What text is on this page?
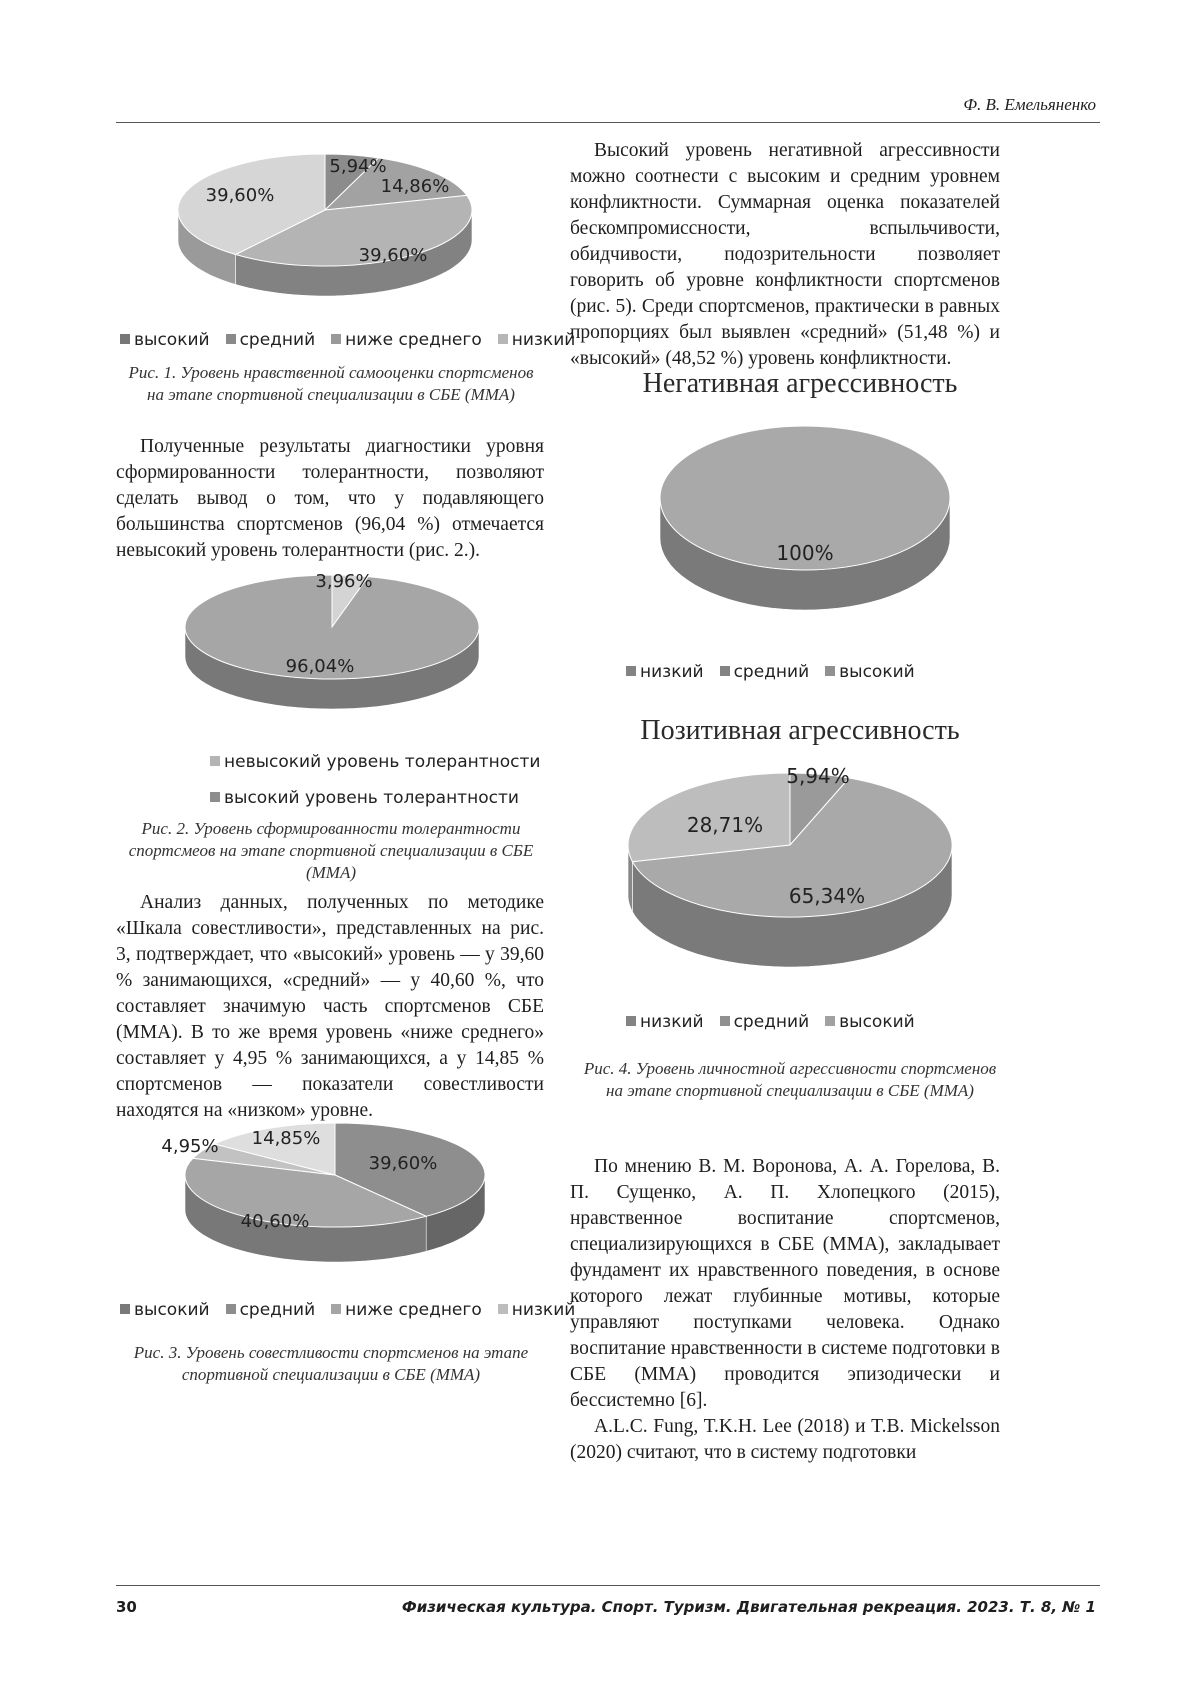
Ф. В. Емельяненко
5,94%
14,86%
39,60%
39,60%
высокий средний ниже среднего низкий
Рис. 1. Уровень нравственной самооценки спортсменов на этапе спортивной специализации в СБЕ (ММА)

Полученные результаты диагностики уровня сформированности толерантности, позволяют сделать вывод о том, что у подавляющего большинства спортсменов (96,04 %) отмечается невысокий уровень толерантности (рис. 2.).

3,96%
96,04%
невысокий уровень толерантности
высокий уровень толерантности

Рис. 2. Уровень сформированности толерантности спортсмеов на этапе спортивной специализации в СБЕ (ММА)

Анализ данных, полученных по методике «Шкала совестливости», представленных на рис. 3, подтверждает, что «высокий» уровень — у 39,60 % занимающихся, «средний» — у 40,60 %, что составляет значимую часть спортсменов СБЕ (ММА). В то же время уровень «ниже среднего» составляет у 4,95 % занимающихся, а у 14,85 % спортсменов — показатели совестливости находятся на «низком» уровне.

39,60%
40,60%
4,95% 14,85%
высокий средний ниже среднего низкий
Рис. 3. Уровень совестливости спортсменов на этапе спортивной специализации в СБЕ (ММА)

Высокий уровень негативной агрессивности можно соотнести с высоким и средним уровнем конфликтности. Суммарная оценка показателей бескомпромиссности, вспыльчивости, обидчивости, подозрительности позволяет говорить об уровне конфликтности спортсменов (рис. 5). Среди спортсменов, практически в равных пропорциях был выявлен «средний» (51,48 %) и «высокий» (48,52 %) уровень конфликтности.

Негативная агрессивность
100%
низкий средний высокий
Позитивная агрессивность
5,94%
65,34%
28,71%
низкий средний высокий
Рис. 4. Уровень личностной агрессивности спортсменов на этапе спортивной специализации в СБЕ (ММА)

По мнению В. М. Воронова, А. А. Горелова, В. П. Сущенко, А. П. Хлопецкого (2015), нравственное воспитание спортсменов, специализирующихся в СБЕ (ММА), закладывает фундамент их нравственного поведения, в основе которого лежат глубинные мотивы, которые управляют поступками человека. Однако воспитание нравственности в системе подготовки в СБЕ (ММА) проводится эпизодически и бессистемно [6].

A.L.C. Fung, T.K.H. Lee (2018) и T.B. Mickelsson (2020) считают, что в систему подготовки

30	Физическая культура. Спорт. Туризм. Двигательная рекреация. 2023. Т. 8, № 1
